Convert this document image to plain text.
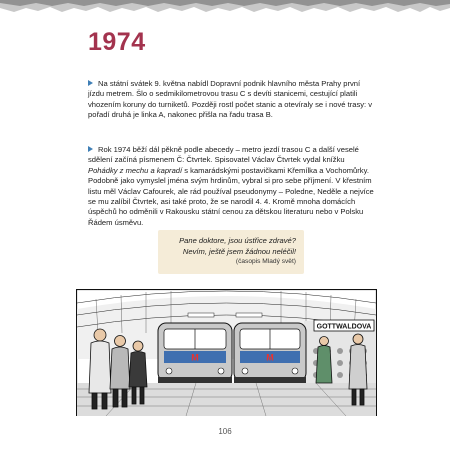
1974

Na státní svátek 9. května nabídl Dopravní podnik hlavního města Prahy první jízdu metrem. Šlo o sedmikilometrovou trasu C s devíti stanicemi, cestující platili vhozením koruny do turniketů. Později rostl počet stanic a otevíraly se i nové trasy: v pořadí druhá je linka A, nakonec přišla na řadu trasa B.

Rok 1974 běží dál pěkně podle abecedy – metro jezdí trasou C a další veselé sdělení začíná písmenem Č: Čtvrtek. Spisovatel Václav Čtvrtek vydal knížku Pohádky z mechu a kapradí s kamarádskými postavičkami Křemílka a Vochomůrky. Podobně jako vymyslel jména svým hrdinům, vybral si pro sebe příjmení. V křestním listu měl Václav Cafourek, ale rád používal pseudonymy – Poledne, Neděle a nejvíce se mu zalíbil Čtvrtek, asi také proto, že se narodil 4. 4. Kromě mnoha domácích úspěchů ho odměnili v Rakousku státní cenou za dětskou literaturu nebo v Polsku Řádem úsměvu.

Pane doktore, jsou ústřice zdravé?
Nevím, ještě jsem žádnou neléčil!
(časopis Mladý svět)
GOTTWALDOVA
M	M
106
